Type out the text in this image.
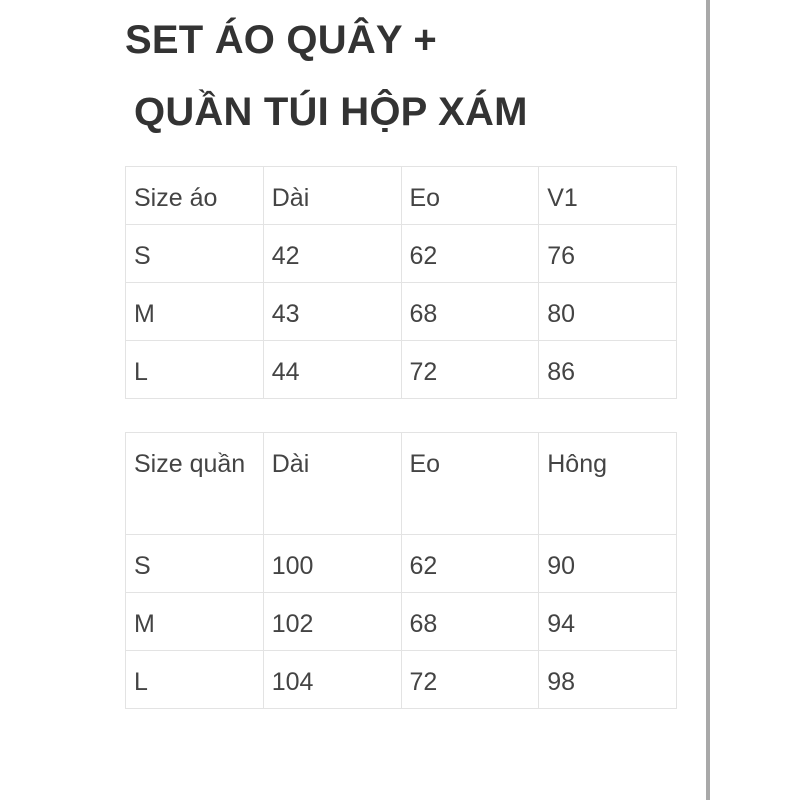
SET ÁO QUÂY +
QUẦN TÚI HỘP XÁM
Size áo	Dài	Eo	V1
S	42	62	76
M	43	68	80
L	44	72	86
Size quần	Dài	Eo	Hông
S	100	62	90
M	102	68	94
L	104	72	98
